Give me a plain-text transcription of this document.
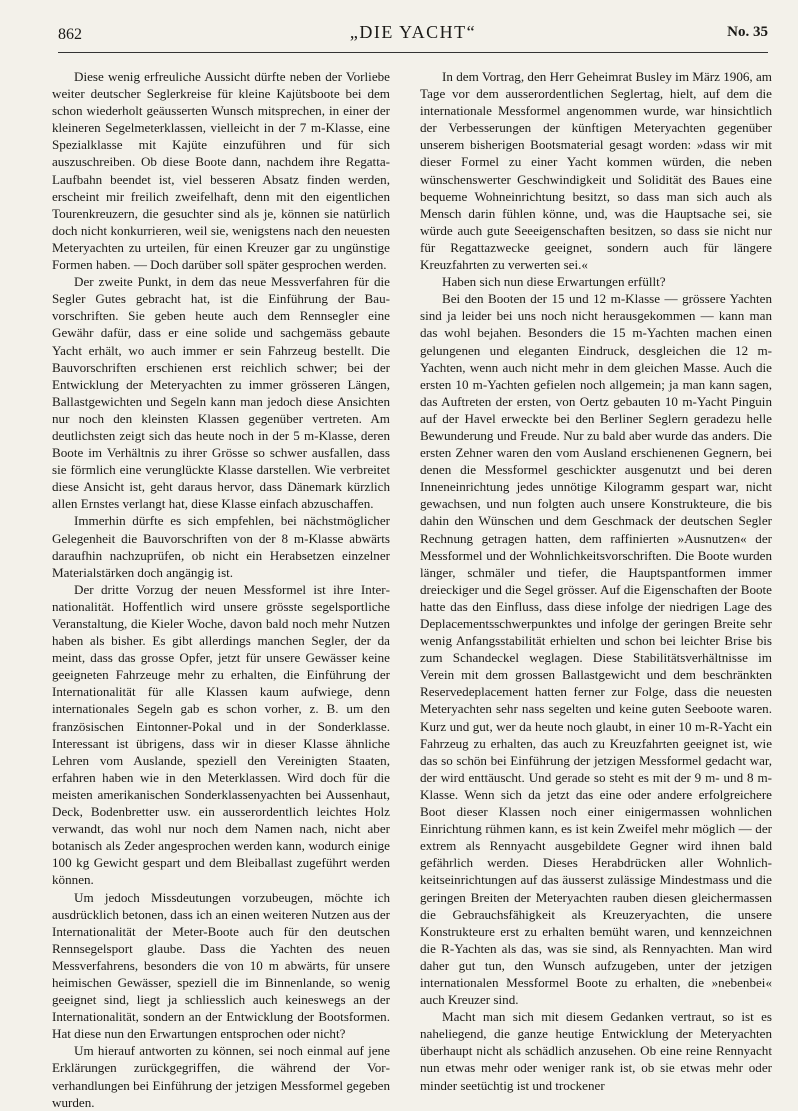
862	„DIE YACHT“	No. 35

Diese wenig erfreuliche Aussicht dürfte neben der Vorliebe weiter deutscher Seglerkreise für kleine Kajütsboote bei dem schon wiederholt geäusserten Wunsch mitsprechen, in einer der kleineren Segelmeterklassen, vielleicht in der 7 m-Klasse, eine Spezialklasse mit Kajüte einzuführen und für sich auszuschreiben. Ob diese Boote dann, nachdem ihre Regatta-Laufbahn beendet ist, viel besseren Absatz finden werden, erscheint mir freilich zweifelhaft, denn mit den eigentlichen Tourenkreuzern, die gesuchter sind als je, können sie natürlich doch nicht konkurrieren, weil sie, wenigstens nach den neuesten Meteryachten zu urteilen, für einen Kreuzer gar zu ungünstige Formen haben. — Doch darüber soll später gesprochen werden.

Der zweite Punkt, in dem das neue Messverfahren für die Segler Gutes gebracht hat, ist die Einführung der Bauvorschriften. Sie geben heute auch dem Rennsegler eine Gewähr dafür, dass er eine solide und sachgemäss gebaute Yacht erhält, wo auch immer er sein Fahrzeug bestellt. Die Bauvorschriften erschienen erst reichlich schwer; bei der Entwicklung der Meteryachten zu immer grösseren Längen, Ballastgewichten und Segeln kann man jedoch diese Ansichten nur noch den kleinsten Klassen gegenüber vertreten. Am deutlichsten zeigt sich das heute noch in der 5 m-Klasse, deren Boote im Verhältnis zu ihrer Grösse so schwer ausfallen, dass sie förmlich eine verunglückte Klasse darstellen. Wie verbreitet diese Ansicht ist, geht daraus hervor, dass Dänemark kürzlich allen Ernstes verlangt hat, diese Klasse einfach abzuschaffen.

Immerhin dürfte es sich empfehlen, bei nächstmöglicher Gelegenheit die Bauvorschriften von der 8 m-Klasse abwärts daraufhin nachzuprüfen, ob nicht ein Herabsetzen einzelner Materialstärken doch angängig ist.

Der dritte Vorzug der neuen Messformel ist ihre Internationalität. Hoffentlich wird unsere grösste segelsportliche Veranstaltung, die Kieler Woche, davon bald noch mehr Nutzen haben als bisher. Es gibt allerdings manchen Segler, der da meint, dass das grosse Opfer, jetzt für unsere Gewässer keine geeigneten Fahrzeuge mehr zu erhalten, die Einführung der Internationalität für alle Klassen kaum aufwiege, denn internationales Segeln gab es schon vorher, z. B. um den französischen Eintonner-Pokal und in der Sonderklasse. Interessant ist übrigens, dass wir in dieser Klasse ähnliche Lehren vom Auslande, speziell den Vereinigten Staaten, erfahren haben wie in den Meterklassen. Wird doch für die meisten amerikanischen Sonderklassenyachten bei Aussenhaut, Deck, Bodenbretter usw. ein ausserordentlich leichtes Holz verwandt, das wohl nur noch dem Namen nach, nicht aber botanisch als Zeder angesprochen werden kann, wodurch einige 100 kg Gewicht gespart und dem Bleiballast zugeführt werden können.

Um jedoch Missdeutungen vorzubeugen, möchte ich ausdrücklich betonen, dass ich an einen weiteren Nutzen aus der Internationalität der Meter-Boote auch für den deutschen Rennsegelsport glaube. Dass die Yachten des neuen Messverfahrens, besonders die von 10 m abwärts, für unsere heimischen Gewässer, speziell die im Binnenlande, so wenig geeignet sind, liegt ja schliesslich auch keineswegs an der Internationalität, sondern an der Entwicklung der Bootsformen. Hat diese nun den Erwartungen entsprochen oder nicht?

Um hierauf antworten zu können, sei noch einmal auf jene Erklärungen zurückgegriffen, die während der Vorverhandlungen bei Einführung der jetzigen Messformel gegeben wurden.

In dem Vortrag, den Herr Geheimrat Busley im März 1906, am Tage vor dem ausserordentlichen Seglertag, hielt, auf dem die internationale Messformel angenommen wurde, war hinsichtlich der Verbesserungen der künftigen Meteryachten gegenüber unserem bisherigen Bootsmaterial gesagt worden: »dass wir mit dieser Formel zu einer Yacht kommen würden, die neben wünschenswerter Geschwindigkeit und Solidität des Baues eine bequeme Wohneinrichtung besitzt, so dass man sich auch als Mensch darin fühlen könne, und, was die Hauptsache sei, sie würde auch gute Seeeigenschaften besitzen, so dass sie nicht nur für Regattazwecke geeignet, sondern auch für längere Kreuzfahrten zu verwerten sei.«

Haben sich nun diese Erwartungen erfüllt?

Bei den Booten der 15 und 12 m-Klasse — grössere Yachten sind ja leider bei uns noch nicht herausgekommen — kann man das wohl bejahen. Besonders die 15 m-Yachten machen einen gelungenen und eleganten Eindruck, desgleichen die 12 m-Yachten, wenn auch nicht mehr in dem gleichen Masse. Auch die ersten 10 m-Yachten gefielen noch allgemein; ja man kann sagen, das Auftreten der ersten, von Oertz gebauten 10 m-Yacht Pinguin auf der Havel erweckte bei den Berliner Seglern geradezu helle Bewunderung und Freude. Nur zu bald aber wurde das anders. Die ersten Zehner waren den vom Ausland erschienenen Gegnern, bei denen die Messformel geschickter ausgenutzt und bei deren Inneneinrichtung jedes unnötige Kilogramm gespart war, nicht gewachsen, und nun folgten auch unsere Konstrukteure, die bis dahin den Wünschen und dem Geschmack der deutschen Segler Rechnung getragen hatten, dem raffinierten »Ausnutzen« der Messformel und der Wohnlichkeitsvorschriften. Die Boote wurden länger, schmäler und tiefer, die Hauptspantformen immer dreieckiger und die Segel grösser. Auf die Eigenschaften der Boote hatte das den Einfluss, dass diese infolge der niedrigen Lage des Deplacementsschwerpunktes und infolge der geringen Breite sehr wenig Anfangsstabilität erhielten und schon bei leichter Brise bis zum Schandeckel weglagen. Diese Stabilitätsverhältnisse im Verein mit dem grossen Ballastgewicht und dem beschränkten Reservedeplacement hatten ferner zur Folge, dass die neuesten Meteryachten sehr nass segelten und keine guten Seeboote waren. Kurz und gut, wer da heute noch glaubt, in einer 10 m-R-Yacht ein Fahrzeug zu erhalten, das auch zu Kreuzfahrten geeignet ist, wie das so schön bei Einführung der jetzigen Messformel gedacht war, der wird enttäuscht. Und gerade so steht es mit der 9 m- und 8 m-Klasse. Wenn sich da jetzt das eine oder andere erfolgreichere Boot dieser Klassen noch einer einigermassen wohnlichen Einrichtung rühmen kann, es ist kein Zweifel mehr möglich — der extrem als Rennyacht ausgebildete Gegner wird ihnen bald gefährlich werden. Dieses Herabdrücken aller Wohnlichkeitseinrichtungen auf das äusserst zulässige Mindestmass und die geringen Breiten der Meteryachten rauben diesen gleichermassen die Gebrauchsfähigkeit als Kreuzeryachten, die unsere Konstrukteure erst zu erhalten bemüht waren, und kennzeichnen die R-Yachten als das, was sie sind, als Rennyachten. Man wird daher gut tun, den Wunsch aufzugeben, unter der jetzigen internationalen Messformel Boote zu erhalten, die »nebenbei« auch Kreuzer sind.

Macht man sich mit diesem Gedanken vertraut, so ist es naheliegend, die ganze heutige Entwicklung der Meteryachten überhaupt nicht als schädlich anzusehen. Ob eine reine Rennyacht nun etwas mehr oder weniger rank ist, ob sie etwas mehr oder minder seetüchtig ist und trockener
